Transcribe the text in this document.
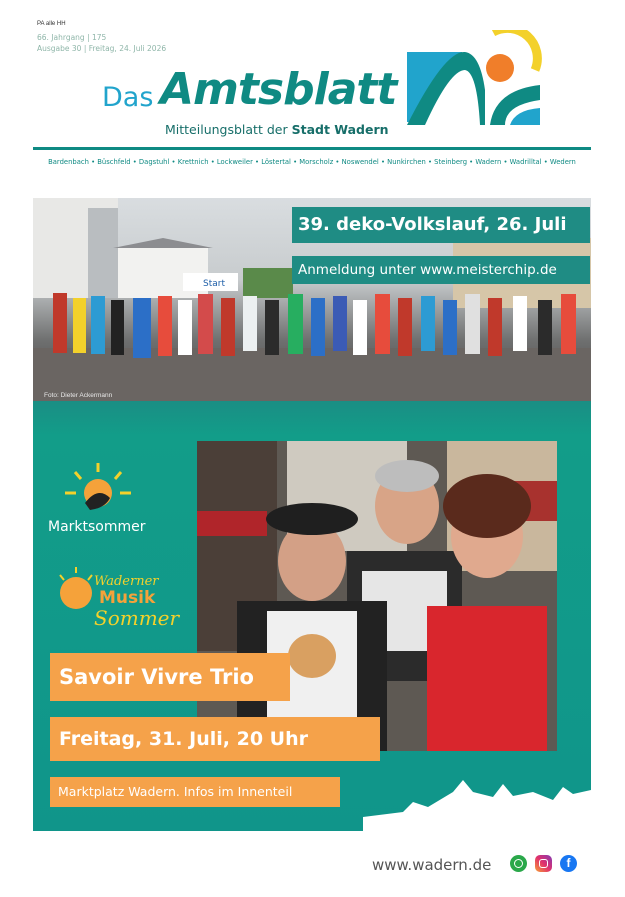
PA alle HH
66. Jahrgang | 175
Ausgabe 30 | Freitag, 24. Juli 2026
Das Amtsblatt
Mitteilungsblatt der Stadt Wadern
Bardenbach • Büschfeld • Dagstuhl • Krettnich • Lockweiler • Löstertal • Morscholz • Noswendel • Nunkirchen • Steinberg • Wadern • Wadrilltal • Wedern
Start
39. deko-Volkslauf, 26. Juli
Anmeldung unter www.meisterchip.de
Foto: Dieter Ackermann
Marktsommer
Waderner
Musik
Sommer
Savoir Vivre Trio
Freitag, 31. Juli, 20 Uhr
Marktplatz Wadern. Infos im Innenteil
www.wadern.de	f
